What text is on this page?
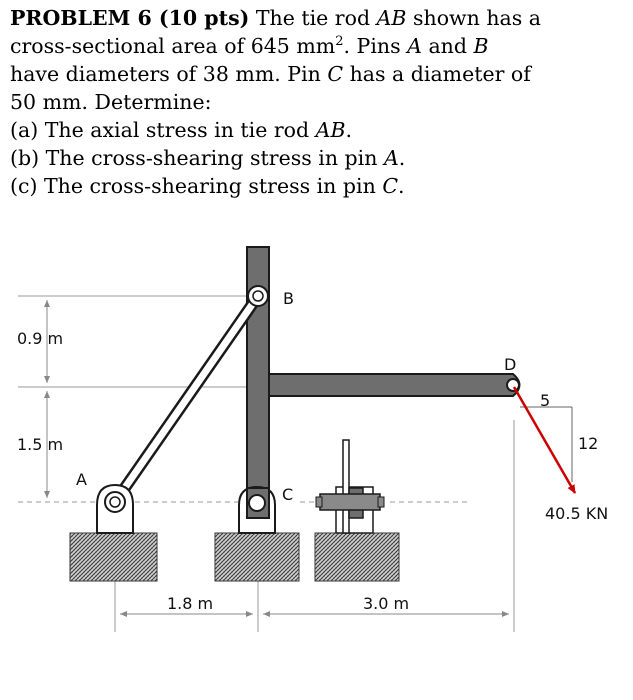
PROBLEM 6 (10 pts) The tie rod AB shown has a
cross-sectional area of 645 $mm^2$. Pins A and B
have diameters of 38 mm. Pin C has a diameter of
50 mm. Determine:
(a) The axial stress in tie rod AB.
(b) The cross-shearing stress in pin A.
(c) The cross-shearing stress in pin C.
B
A
C
D
0.9 m
1.5 m
1.8 m	3.0 m
5
12
40.5 KN
